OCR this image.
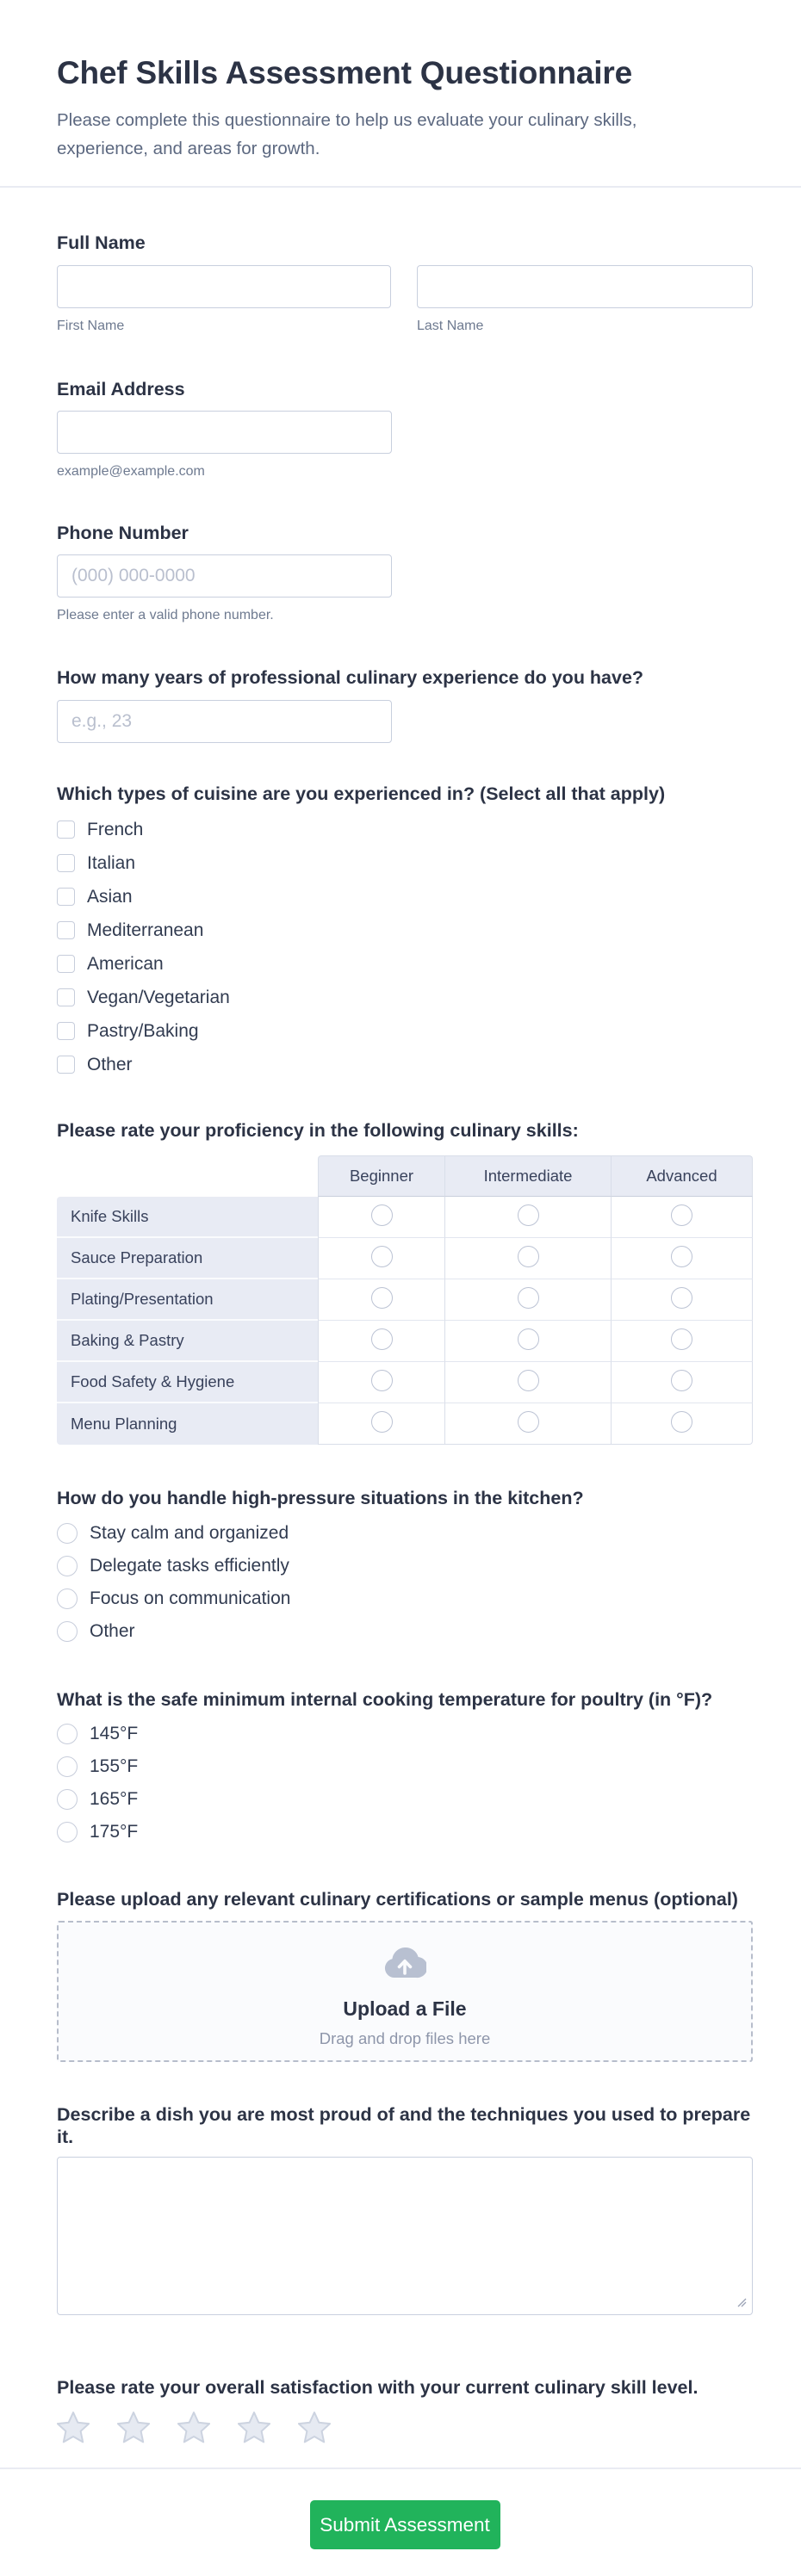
Chef Skills Assessment Questionnaire

Please complete this questionnaire to help us evaluate your culinary skills, experience, and areas for growth.

Full Name
First Name	Last Name
Email Address
example@example.com
Phone Number
(000) 000-0000
Please enter a valid phone number.
How many years of professional culinary experience do you have?
e.g., 23
Which types of cuisine are you experienced in? (Select all that apply)
French
Italian
Asian
Mediterranean
American
Vegan/Vegetarian
Pastry/Baking
Other
Please rate your proficiency in the following culinary skills:
	Beginner	Intermediate	Advanced
Knife Skills			
Sauce Preparation			
Plating/Presentation			
Baking & Pastry			
Food Safety & Hygiene			
Menu Planning			
How do you handle high-pressure situations in the kitchen?
Stay calm and organized
Delegate tasks efficiently
Focus on communication
Other
What is the safe minimum internal cooking temperature for poultry (in °F)?
145°F
155°F
165°F
175°F
Please upload any relevant culinary certifications or sample menus (optional)
Upload a File
Drag and drop files here
Describe a dish you are most proud of and the techniques you used to prepare it.
Please rate your overall satisfaction with your current culinary skill level.
Submit Assessment
